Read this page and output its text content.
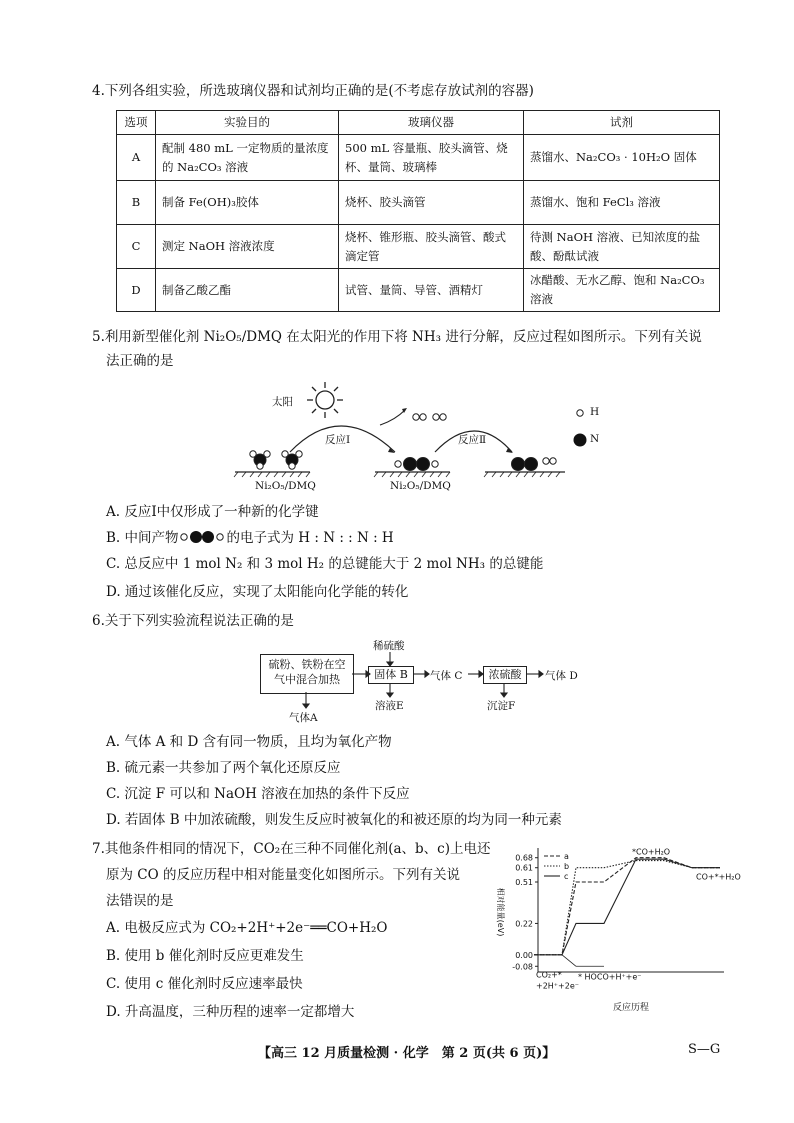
4.下列各组实验，所选玻璃仪器和试剂均正确的是(不考虑存放试剂的容器)
选项	实验目的	玻璃仪器	试剂
A	配制 480 mL 一定物质的量浓度的 Na₂CO₃ 溶液	500 mL 容量瓶、胶头滴管、烧杯、量筒、玻璃棒	蒸馏水、Na₂CO₃ · 10H₂O 固体
B	制备 Fe(OH)₃胶体	烧杯、胶头滴管	蒸馏水、饱和 FeCl₃ 溶液
C	测定 NaOH 溶液浓度	烧杯、锥形瓶、胶头滴管、酸式滴定管	待测 NaOH 溶液、已知浓度的盐酸、酚酞试液
D	制备乙酸乙酯	试管、量筒、导管、酒精灯	冰醋酸、无水乙醇、饱和 Na₂CO₃ 溶液
5.利用新型催化剂 Ni₂O₅/DMQ 在太阳光的作用下将 NH₃ 进行分解，反应过程如图所示。下列有关说
法正确的是
太阳
反应Ⅰ	反应Ⅱ
Ni₂O₅/DMQ	Ni₂O₅/DMQ
H
N
A. 反应Ⅰ中仅形成了一种新的化学键
B. 中间产物	的电子式为 H : N : : N : H
C. 总反应中 1 mol N₂ 和 3 mol H₂ 的总键能大于 2 mol NH₃ 的总键能
D. 通过该催化反应，实现了太阳能向化学能的转化
6.关于下列实验流程说法正确的是
硫粉、铁粉在空
气中混合加热
稀硫酸
固体 B	气体 C	浓硫酸	气体 D
气体A
溶液E	沉淀F
A. 气体 A 和 D 含有同一物质，且均为氧化产物
B. 硫元素一共参加了两个氧化还原反应
C. 沉淀 F 可以和 NaOH 溶液在加热的条件下反应
D. 若固体 B 中加浓硫酸，则发生反应时被氧化的和被还原的均为同一种元素
7.其他条件相同的情况下，CO₂在三种不同催化剂(a、b、c)上电还
原为 CO 的反应历程中相对能量变化如图所示。下列有关说
法错误的是
A. 电极反应式为 CO₂+2H⁺+2e⁻══CO+H₂O
B. 使用 b 催化剂时反应更难发生
C. 使用 c 催化剂时反应速率最快
D. 升高温度，三种历程的速率一定都增大
0.68
0.61
0.51
0.22
0.00
-0.08
相对能量(eV)
反应历程
a
b
c
CO₂+*
+2H⁺+2e⁻
* HOCO+H⁺+e⁻
*CO+H₂O
CO+*+H₂O
【高三 12 月质量检测 · 化学　第 2 页(共 6 页)】	S—G
